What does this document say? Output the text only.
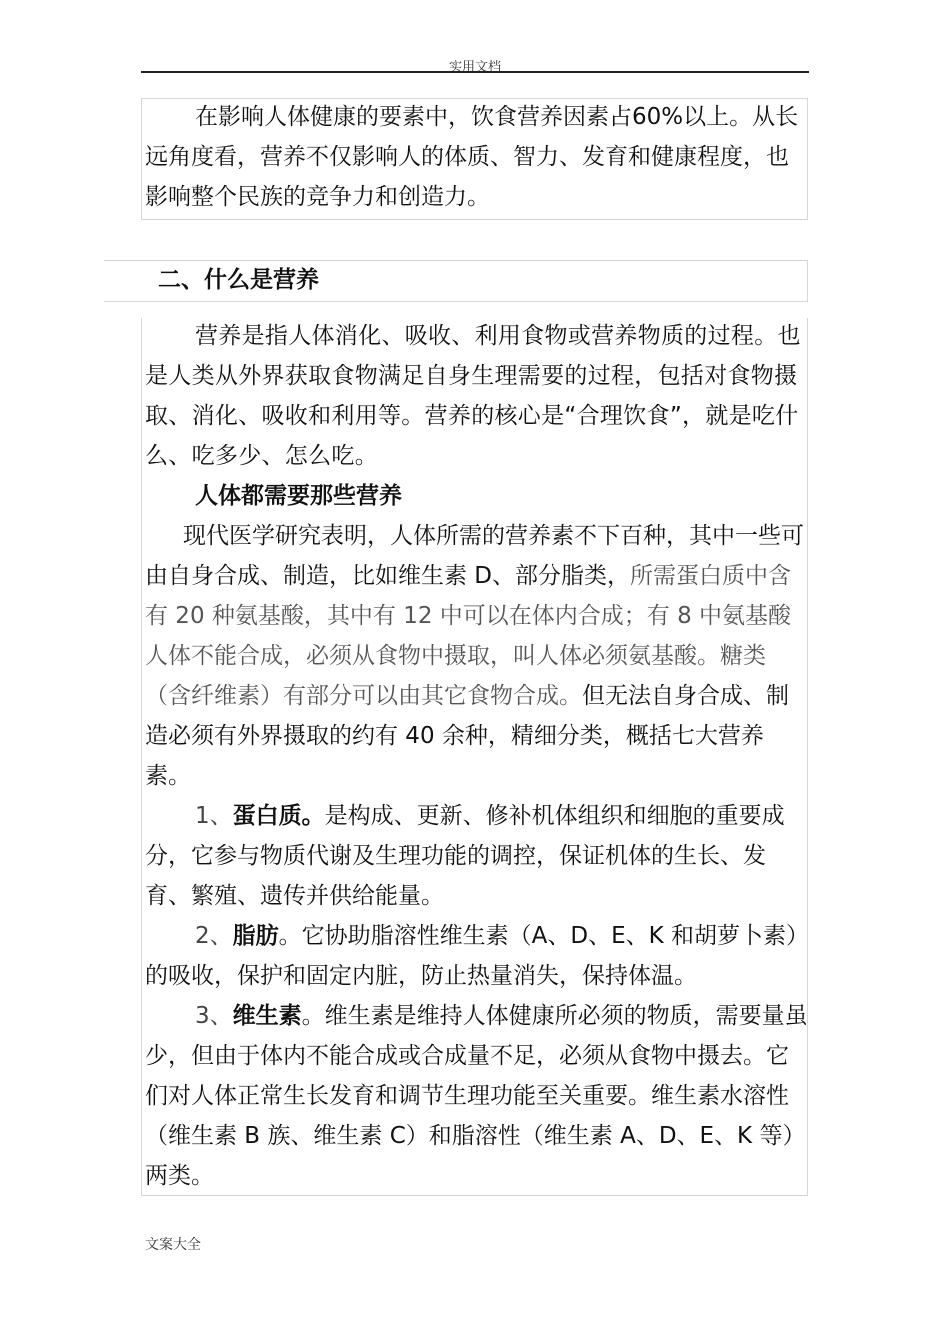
实用文档

在影响人体健康的要素中，饮食营养因素占60%以上。从长远角度看，营养不仅影响人的体质、智力、发育和健康程度，也影响整个民族的竞争力和创造力。

二、什么是营养

营养是指人体消化、吸收、利用食物或营养物质的过程。也是人类从外界获取食物满足自身生理需要的过程，包括对食物摄取、消化、吸收和利用等。营养的核心是“合理饮食”，就是吃什么、吃多少、怎么吃。

人体都需要那些营养

现代医学研究表明，人体所需的营养素不下百种，其中一些可由自身合成、制造，比如维生素 D、部分脂类，所需蛋白质中含有 20 种氨基酸，其中有 12 中可以在体内合成；有 8 中氨基酸人体不能合成，必须从食物中摄取，叫人体必须氨基酸。糖类（含纤维素）有部分可以由其它食物合成。但无法自身合成、制造必须有外界摄取的约有 40 余种，精细分类，概括七大营养素。

1、蛋白质。是构成、更新、修补机体组织和细胞的重要成分，它参与物质代谢及生理功能的调控，保证机体的生长、发育、繁殖、遗传并供给能量。

2、脂肪。它协助脂溶性维生素（A、D、E、K 和胡萝卜素）的吸收，保护和固定内脏，防止热量消失，保持体温。

3、维生素。维生素是维持人体健康所必须的物质，需要量虽少，但由于体内不能合成或合成量不足，必须从食物中摄去。它们对人体正常生长发育和调节生理功能至关重要。维生素水溶性（维生素 B 族、维生素 C）和脂溶性（维生素 A、D、E、K 等）两类。

文案大全
